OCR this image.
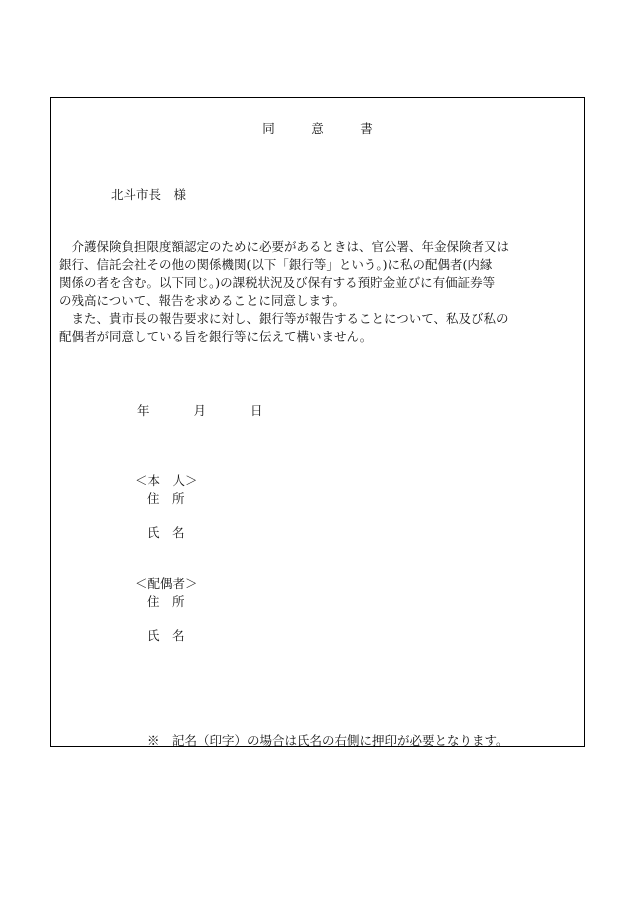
同　意　書
北斗市長　様
　介護保険負担限度額認定のために必要があるときは、官公署、年金保険者又は
銀行、信託会社その他の関係機関(以下「銀行等」という。)に私の配偶者(内縁
関係の者を含む。以下同じ。)の課税状況及び保有する預貯金並びに有価証券等
の残高について、報告を求めることに同意します。
　また、貴市長の報告要求に対し、銀行等が報告することについて、私及び私の
配偶者が同意している旨を銀行等に伝えて構いません。
年	月	日
＜本　人＞
住　所
氏　名
＜配偶者＞
住　所
氏　名
※　記名（印字）の場合は氏名の右側に押印が必要となります。
